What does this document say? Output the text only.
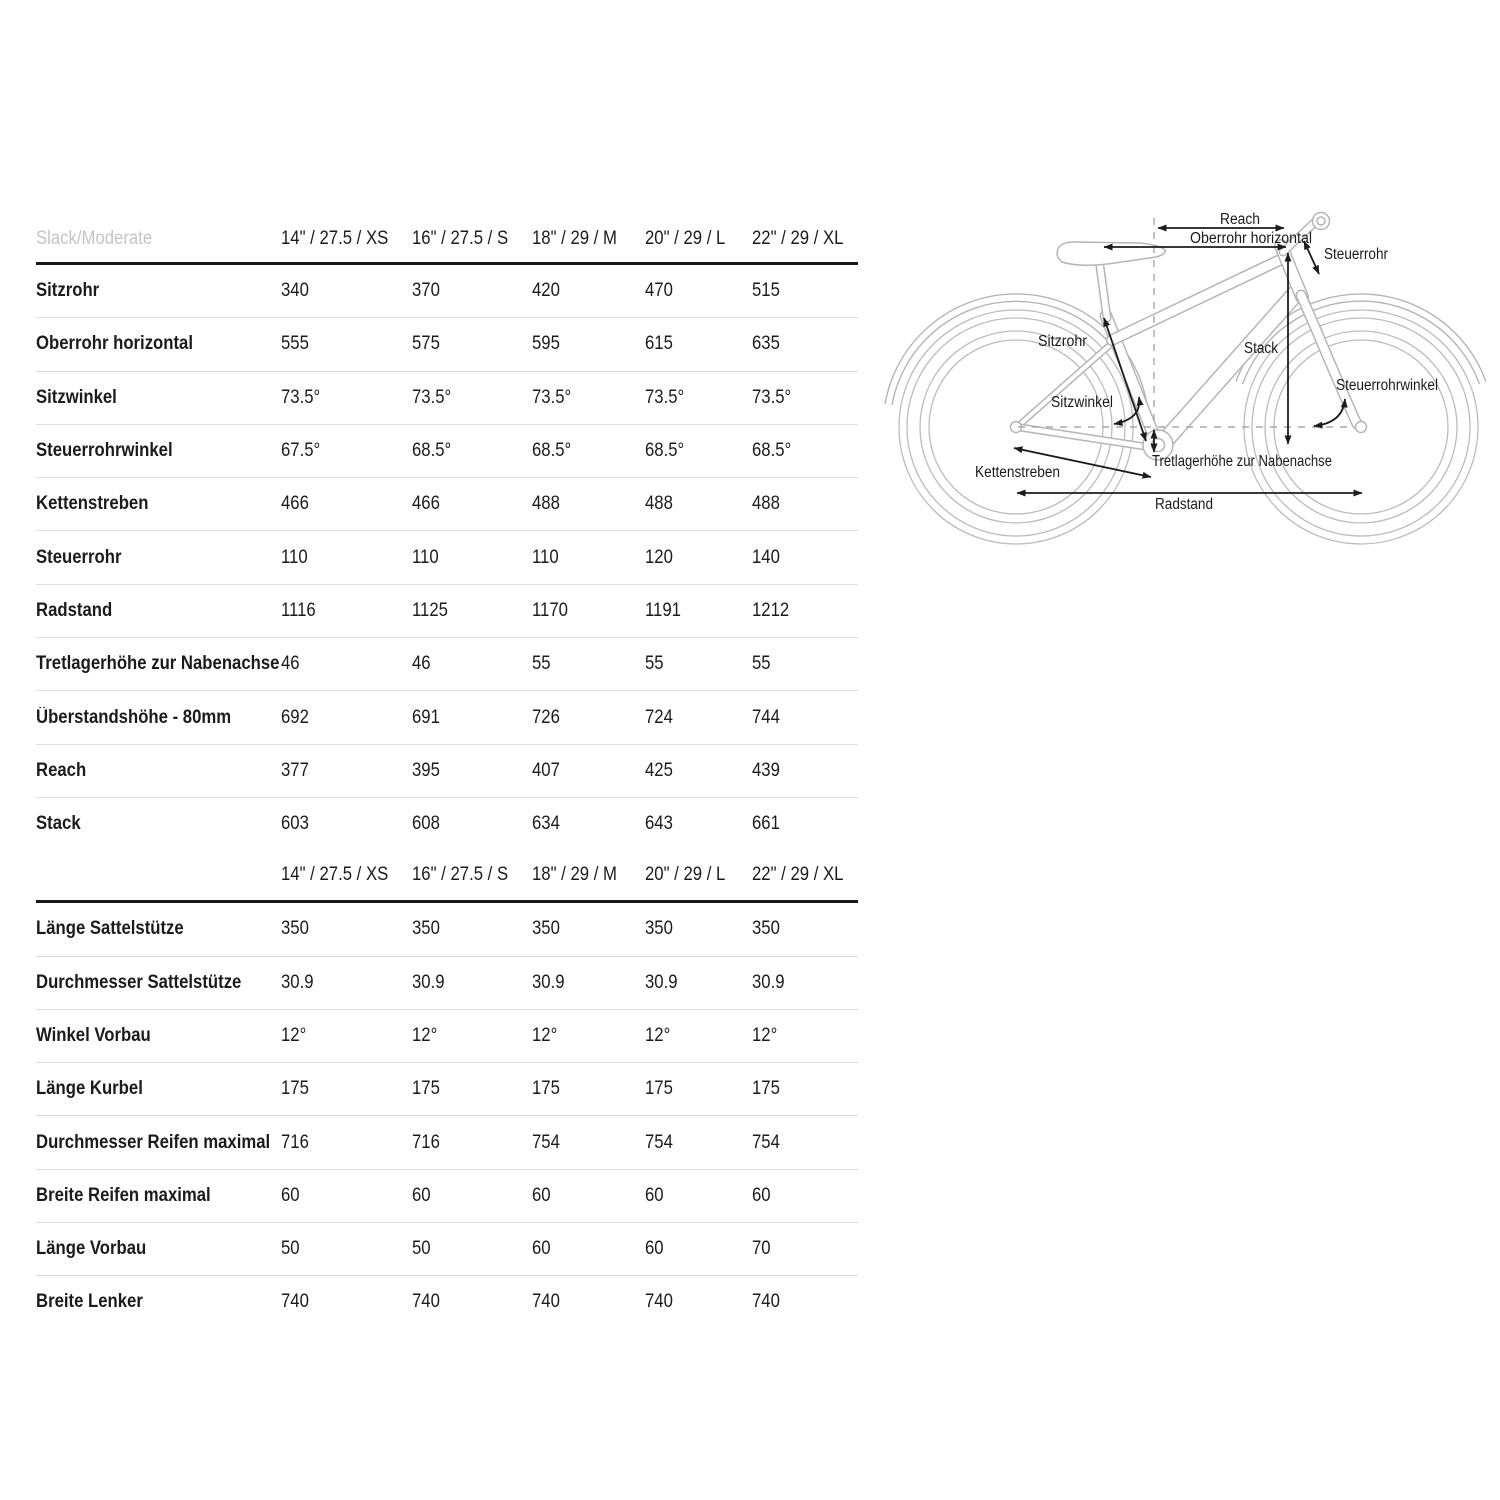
Slack/Moderate	14" / 27.5 / XS	16" / 27.5 / S	18" / 29 / M	20" / 29 / L	22" / 29 / XL
Sitzrohr	340	370	420	470	515
Oberrohr horizontal	555	575	595	615	635
Sitzwinkel	73.5°	73.5°	73.5°	73.5°	73.5°
Steuerrohrwinkel	67.5°	68.5°	68.5°	68.5°	68.5°
Kettenstreben	466	466	488	488	488
Steuerrohr	110	110	110	120	140
Radstand	1116	1125	1170	1191	1212
Tretlagerhöhe zur Nabenachse 46	46	55	55	55
Überstandshöhe - 80mm	692	691	726	724	744
Reach	377	395	407	425	439
Stack	603	608	634	643	661
14" / 27.5 / XS	16" / 27.5 / S	18" / 29 / M	20" / 29 / L	22" / 29 / XL
Länge Sattelstütze	350	350	350	350	350
Durchmesser Sattelstütze	30.9	30.9	30.9	30.9	30.9
Winkel Vorbau	12°	12°	12°	12°	12°
Länge Kurbel	175	175	175	175	175
Durchmesser Reifen maximal 716	716	754	754	754
Breite Reifen maximal	60	60	60	60	60
Länge Vorbau	50	50	60	60	70
Breite Lenker	740	740	740	740	740
Reach
Oberrohr horizontal
Steuerrohr
Stack
Sitzrohr
Sitzwinkel
Steuerrohrwinkel
Tretlagerhöhe zur Nabenachse
Kettenstreben
Radstand
